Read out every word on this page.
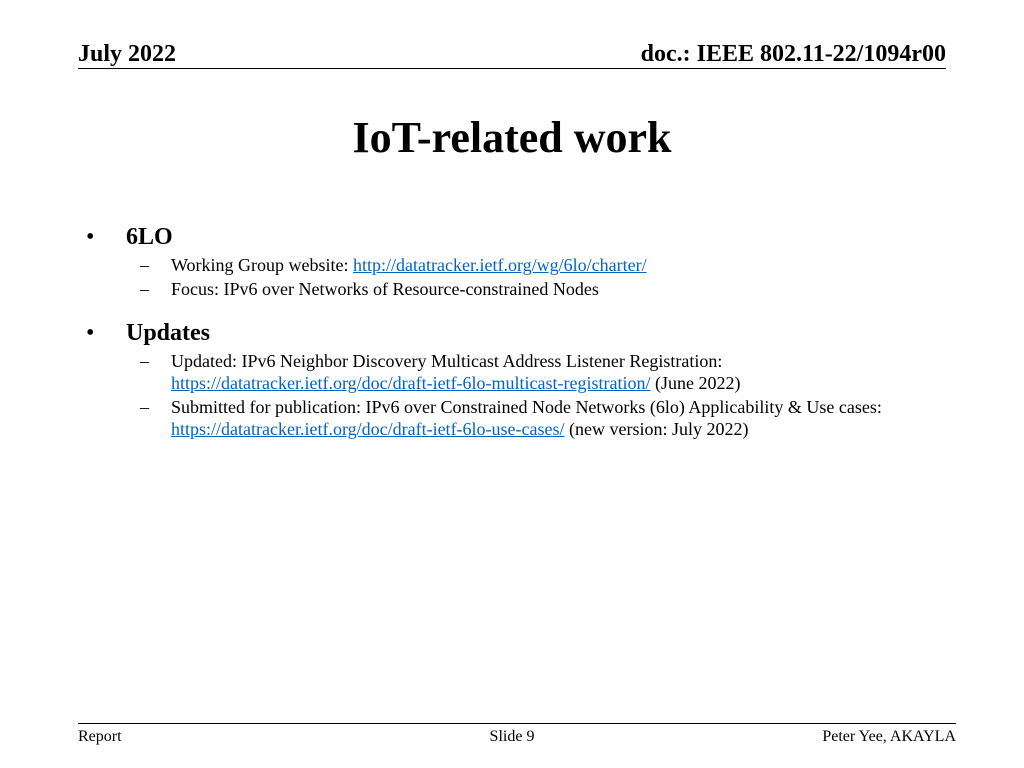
July 2022	doc.: IEEE 802.11-22/1094r00
IoT-related work
• 6LO
– Working Group website: http://datatracker.ietf.org/wg/6lo/charter/
– Focus: IPv6 over Networks of Resource-constrained Nodes
• Updates
– Updated: IPv6 Neighbor Discovery Multicast Address Listener Registration: https://datatracker.ietf.org/doc/draft-ietf-6lo-multicast-registration/ (June 2022)
– Submitted for publication: IPv6 over Constrained Node Networks (6lo) Applicability & Use cases: https://datatracker.ietf.org/doc/draft-ietf-6lo-use-cases/ (new version: July 2022)
Report	Slide 9	Peter Yee, AKAYLA
